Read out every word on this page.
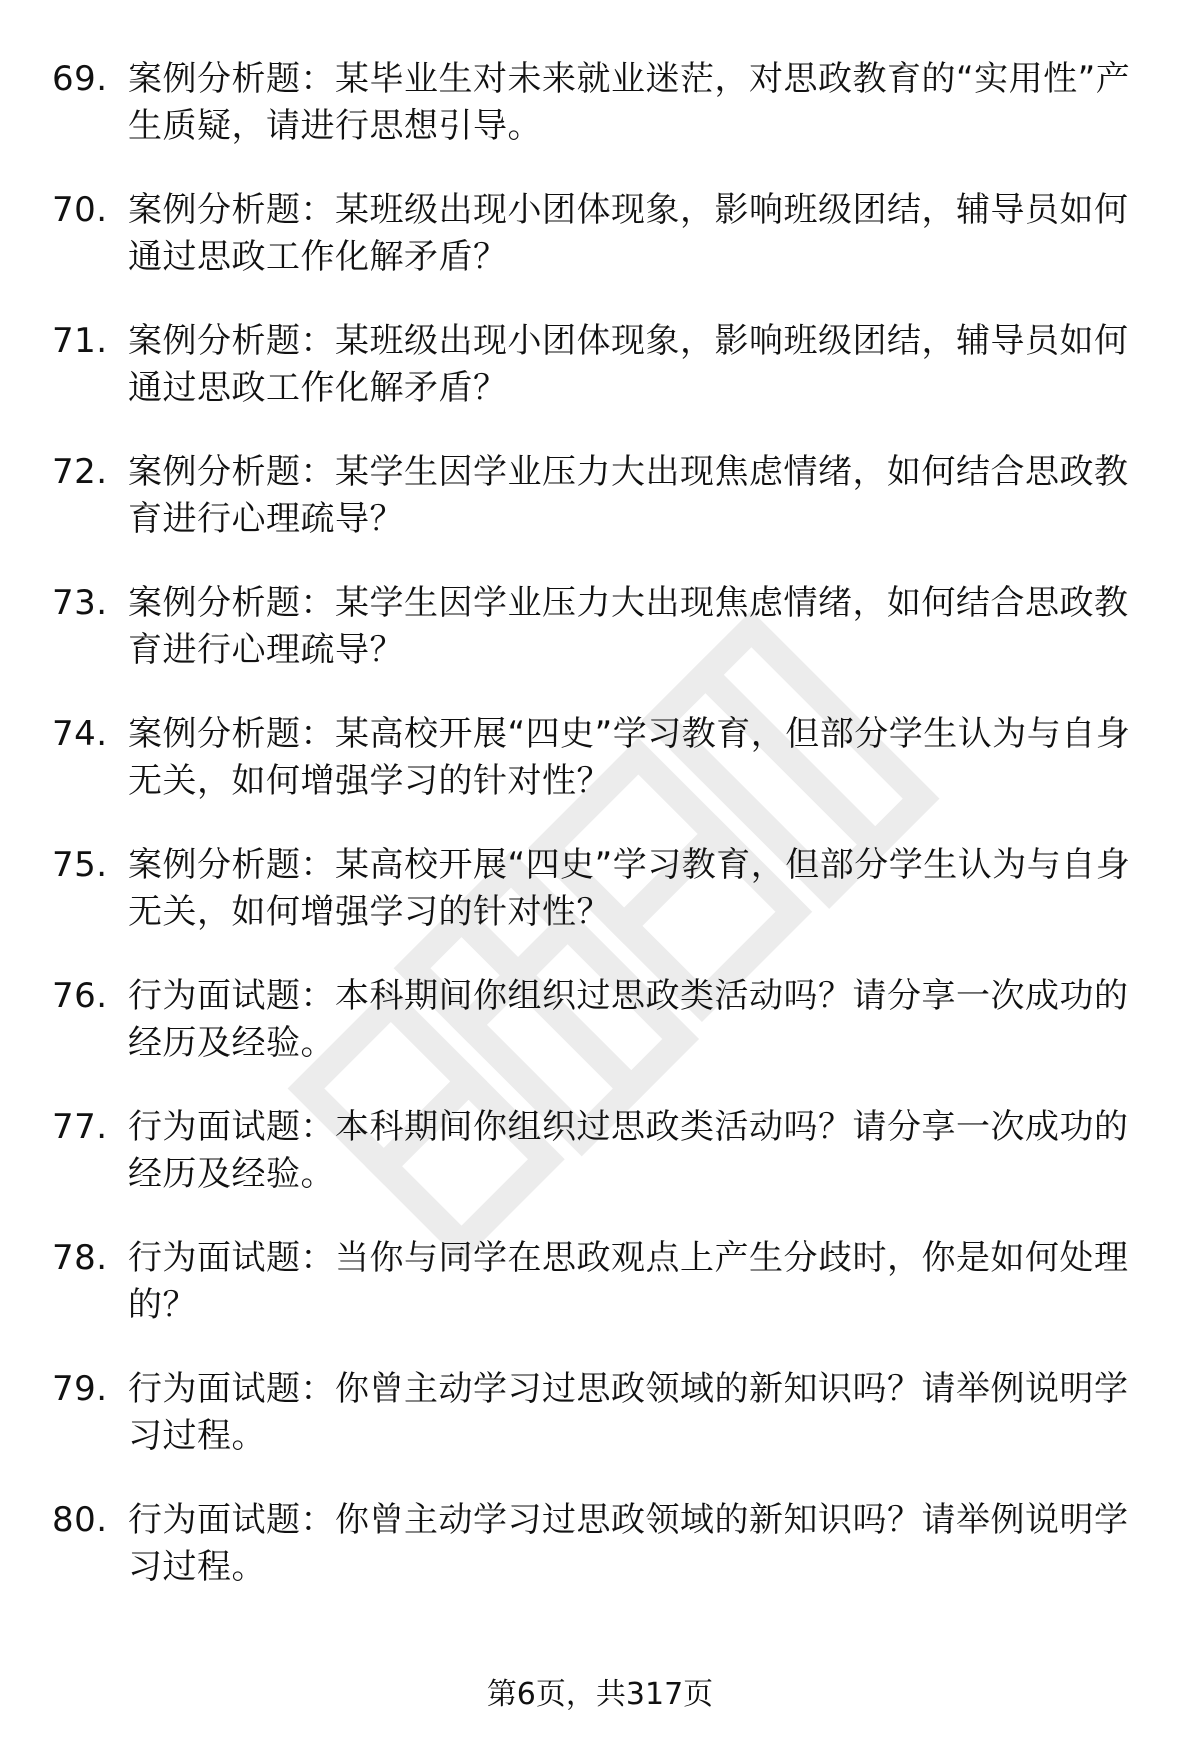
69. 案例分析题：某毕业生对未来就业迷茫，对思政教育的“实用性”产生质疑，请进行思想引导。
70. 案例分析题：某班级出现小团体现象，影响班级团结，辅导员如何通过思政工作化解矛盾？
71. 案例分析题：某班级出现小团体现象，影响班级团结，辅导员如何通过思政工作化解矛盾？
72. 案例分析题：某学生因学业压力大出现焦虑情绪，如何结合思政教育进行心理疏导？
73. 案例分析题：某学生因学业压力大出现焦虑情绪，如何结合思政教育进行心理疏导？
74. 案例分析题：某高校开展“四史”学习教育，但部分学生认为与自身无关，如何增强学习的针对性？
75. 案例分析题：某高校开展“四史”学习教育，但部分学生认为与自身无关，如何增强学习的针对性？
76. 行为面试题：本科期间你组织过思政类活动吗？请分享一次成功的经历及经验。
77. 行为面试题：本科期间你组织过思政类活动吗？请分享一次成功的经历及经验。
78. 行为面试题：当你与同学在思政观点上产生分歧时，你是如何处理的？
79. 行为面试题：你曾主动学习过思政领域的新知识吗？请举例说明学习过程。
80. 行为面试题：你曾主动学习过思政领域的新知识吗？请举例说明学习过程。
第6页，共317页
